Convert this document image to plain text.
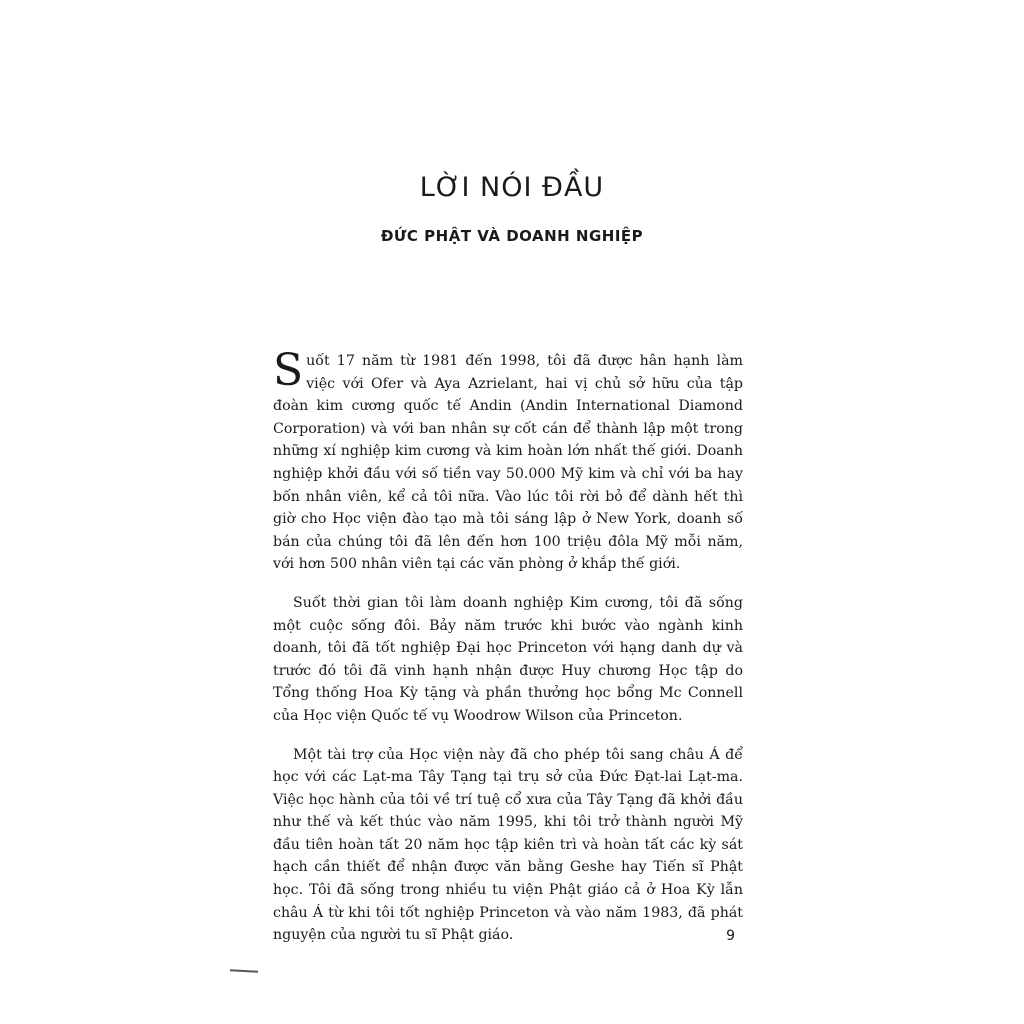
LỜI NÓI ĐẦU
ĐỨC PHẬT VÀ DOANH NGHIỆP

Suốt 17 năm từ 1981 đến 1998, tôi đã được hân hạnh làm việc với Ofer và Aya Azrielant, hai vị chủ sở hữu của tập đoàn kim cương quốc tế Andin (Andin International Diamond Corporation) và với ban nhân sự cốt cán để thành lập một trong những xí nghiệp kim cương và kim hoàn lớn nhất thế giới. Doanh nghiệp khởi đầu với số tiền vay 50.000 Mỹ kim và chỉ với ba hay bốn nhân viên, kể cả tôi nữa. Vào lúc tôi rời bỏ để dành hết thì giờ cho Học viện đào tạo mà tôi sáng lập ở New York, doanh số bán của chúng tôi đã lên đến hơn 100 triệu đôla Mỹ mỗi năm, với hơn 500 nhân viên tại các văn phòng ở khắp thế giới.

Suốt thời gian tôi làm doanh nghiệp Kim cương, tôi đã sống một cuộc sống đôi. Bảy năm trước khi bước vào ngành kinh doanh, tôi đã tốt nghiệp Đại học Princeton với hạng danh dự và trước đó tôi đã vinh hạnh nhận được Huy chương Học tập do Tổng thống Hoa Kỳ tặng và phần thưởng học bổng Mc Connell của Học viện Quốc tế vụ Woodrow Wilson của Princeton.

Một tài trợ của Học viện này đã cho phép tôi sang châu Á để học với các Lạt-ma Tây Tạng tại trụ sở của Đức Đạt-lai Lạt-ma. Việc học hành của tôi về trí tuệ cổ xưa của Tây Tạng đã khởi đầu như thế và kết thúc vào năm 1995, khi tôi trở thành người Mỹ đầu tiên hoàn tất 20 năm học tập kiên trì và hoàn tất các kỳ sát hạch cần thiết để nhận được văn bằng Geshe hay Tiến sĩ Phật học. Tôi đã sống trong nhiều tu viện Phật giáo cả ở Hoa Kỳ lẫn châu Á từ khi tôi tốt nghiệp Princeton và vào năm 1983, đã phát nguyện của người tu sĩ Phật giáo.	9
